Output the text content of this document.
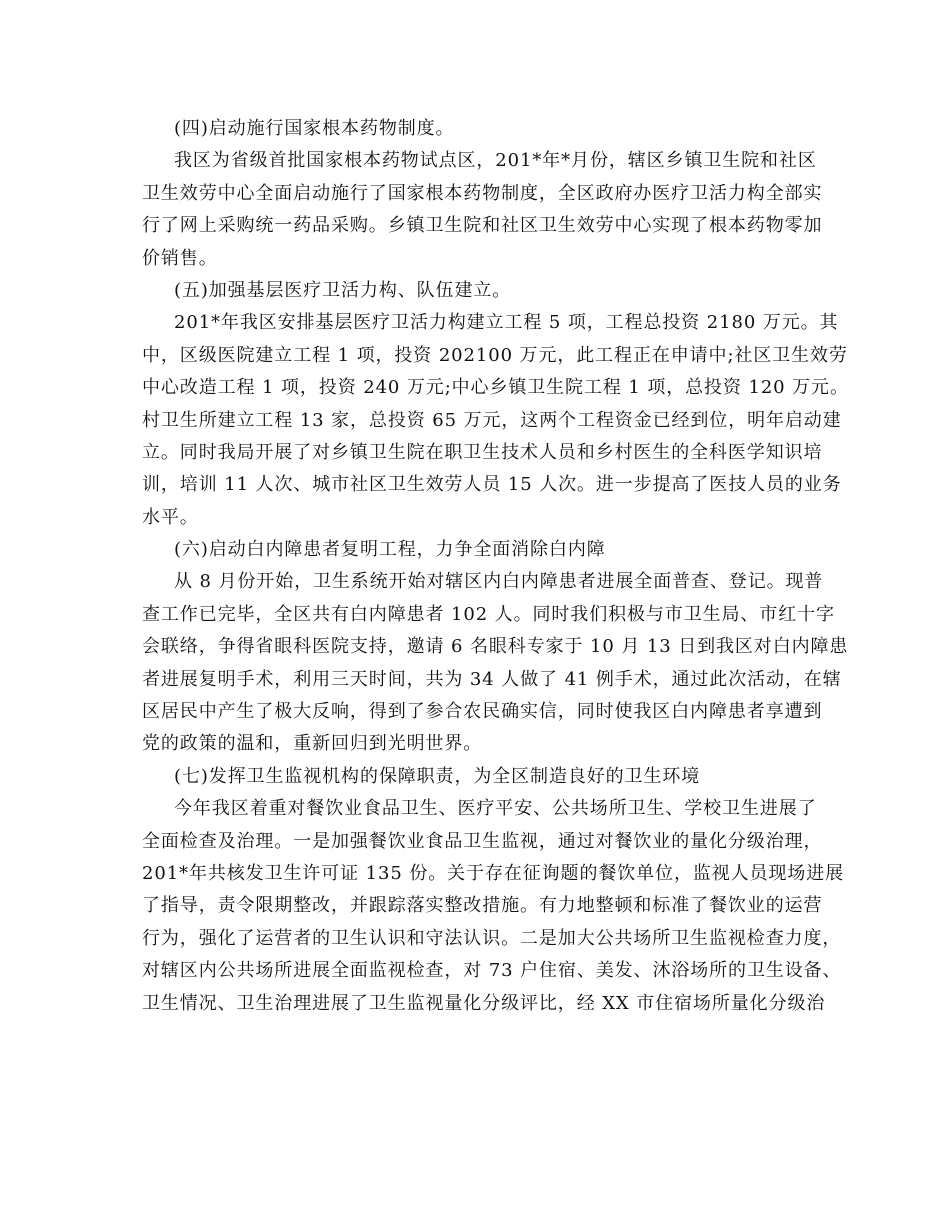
(四)启动施行国家根本药物制度。
我区为省级首批国家根本药物试点区，201*年*月份，辖区乡镇卫生院和社区
卫生效劳中心全面启动施行了国家根本药物制度，全区政府办医疗卫活力构全部实
行了网上采购统一药品采购。乡镇卫生院和社区卫生效劳中心实现了根本药物零加
价销售。
(五)加强基层医疗卫活力构、队伍建立。
201*年我区安排基层医疗卫活力构建立工程 5 项，工程总投资 2180 万元。其
中，区级医院建立工程 1 项，投资 202100 万元，此工程正在申请中;社区卫生效劳
中心改造工程 1 项，投资 240 万元;中心乡镇卫生院工程 1 项，总投资 120 万元。
村卫生所建立工程 13 家，总投资 65 万元，这两个工程资金已经到位，明年启动建
立。同时我局开展了对乡镇卫生院在职卫生技术人员和乡村医生的全科医学知识培
训，培训 11 人次、城市社区卫生效劳人员 15 人次。进一步提高了医技人员的业务
水平。
(六)启动白内障患者复明工程，力争全面消除白内障
从 8 月份开始，卫生系统开始对辖区内白内障患者进展全面普查、登记。现普
查工作已完毕，全区共有白内障患者 102 人。同时我们积极与市卫生局、市红十字
会联络，争得省眼科医院支持，邀请 6 名眼科专家于 10 月 13 日到我区对白内障患
者进展复明手术，利用三天时间，共为 34 人做了 41 例手术，通过此次活动，在辖
区居民中产生了极大反响，得到了参合农民确实信，同时使我区白内障患者享遭到
党的政策的温和，重新回归到光明世界。
(七)发挥卫生监视机构的保障职责，为全区制造良好的卫生环境
今年我区着重对餐饮业食品卫生、医疗平安、公共场所卫生、学校卫生进展了
全面检查及治理。一是加强餐饮业食品卫生监视，通过对餐饮业的量化分级治理，
201*年共核发卫生许可证 135 份。关于存在征询题的餐饮单位，监视人员现场进展
了指导，责令限期整改，并跟踪落实整改措施。有力地整顿和标准了餐饮业的运营
行为，强化了运营者的卫生认识和守法认识。二是加大公共场所卫生监视检查力度，
对辖区内公共场所进展全面监视检查，对 73 户住宿、美发、沐浴场所的卫生设备、
卫生情况、卫生治理进展了卫生监视量化分级评比，经 XX 市住宿场所量化分级治
